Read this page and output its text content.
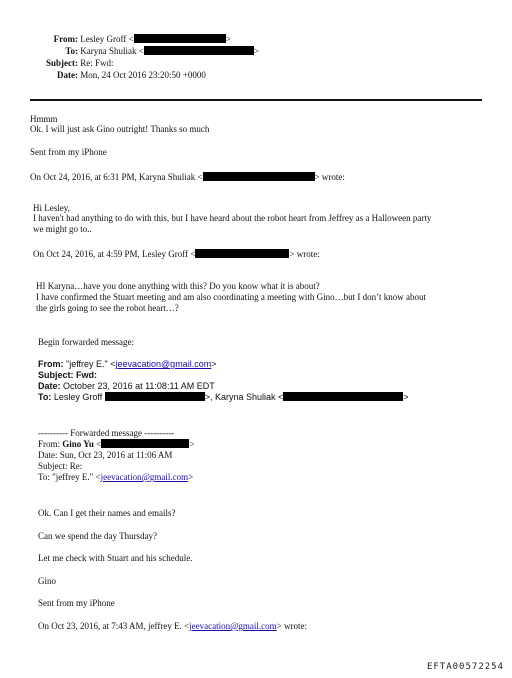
From: Lesley Groff <	>
To: Karyna Shuliak <	>
Subject: Re: Fwd:
Date: Mon, 24 Oct 2016 23:20:50 +0000
Hmmm
Ok. I will just ask Gino outright! Thanks so much
Sent from my iPhone
On Oct 24, 2016, at 6:31 PM, Karyna Shuliak <	> wrote:
Hi Lesley,
I haven't had anything to do with this, but I have heard about the robot heart from Jeffrey as a Halloween party
we might go to..
On Oct 24, 2016, at 4:59 PM, Lesley Groff <	> wrote:
HI Karyna…have you done anything with this? Do you know what it is about?
I have confirmed the Stuart meeting and am also coordinating a meeting with Gino…but I don’t know about
the girls going to see the robot heart…?
Begin forwarded message:
From: "jeffrey E." <jeevacation@gmail.com>
Subject: Fwd:
Date: October 23, 2016 at 11:08:11 AM EDT
To: Lesley Groff	>, Karyna Shuliak <	>
---------- Forwarded message ----------
From: Gino Yu <	>
Date: Sun, Oct 23, 2016 at 11:06 AM
Subject: Re:
To: "jeffrey E." <jeevacation@gmail.com>
Ok. Can I get their names and emails?
Can we spend the day Thursday?
Let me check with Stuart and his schedule.
Gino
Sent from my iPhone
On Oct 23, 2016, at 7:43 AM, jeffrey E. <jeevacation@gmail.com> wrote:
EFTA00572254
